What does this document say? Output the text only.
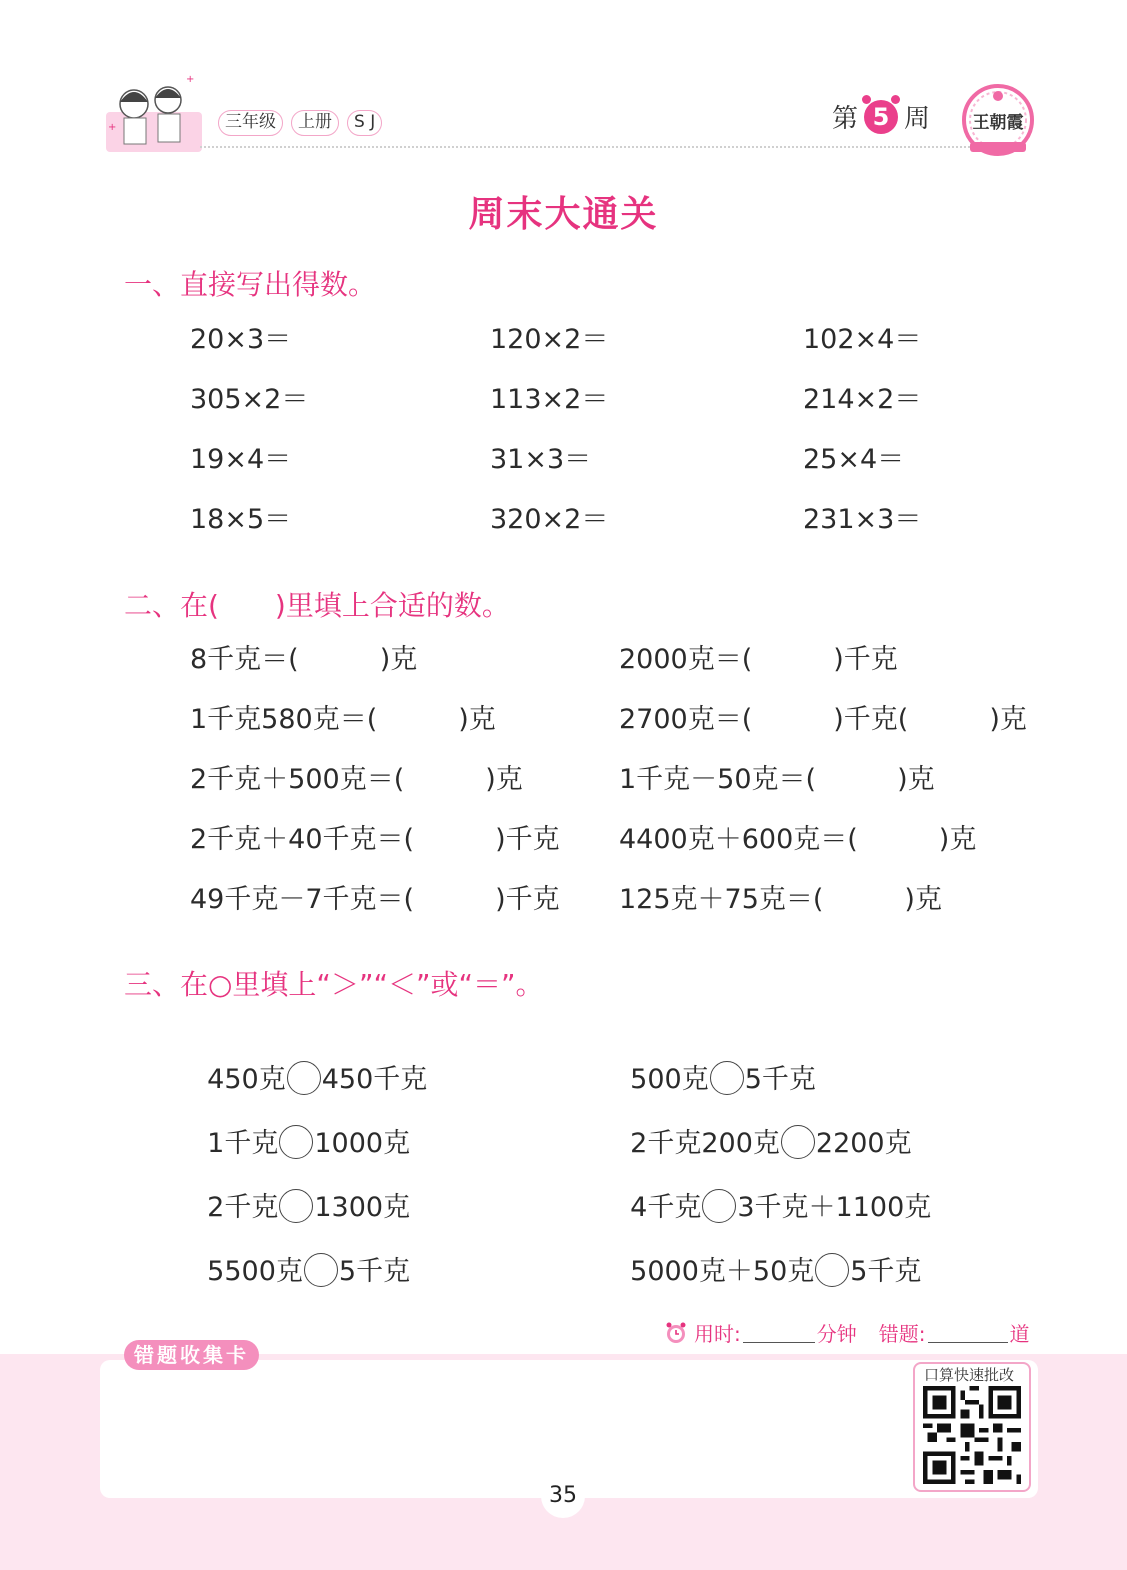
+
+	三年级	上册	S J	第 5 周 王朝霞
周末大通关
一、直接写出得数。
20×3＝	120×2＝	102×4＝
305×2＝	113×2＝	214×2＝
19×4＝	31×3＝	25×4＝
18×5＝	320×2＝	231×3＝
二、在(　　)里填上合适的数。
8千克＝(　　　)克	2000克＝(　　　)千克
1千克580克＝(　　　)克	2700克＝(　　　)千克(　　　)克
2千克＋500克＝(　　　)克	1千克－50克＝(　　　)克
2千克＋40千克＝(　　　)千克 4400克＋600克＝(　　　)克
49千克－7千克＝(　　　)千克 125克＋75克＝(　　　)克
三、在○里填上“＞”“＜”或“＝”。

450克 450千克	500克 5千克

1千克 1000克	2千克200克 2200克

2千克 1300克	4千克 3千克＋1100克

5500克 5千克	5000克＋50克 5千克

用时:	分钟 错题:	道
错题收集卡
口算快速批改
35
